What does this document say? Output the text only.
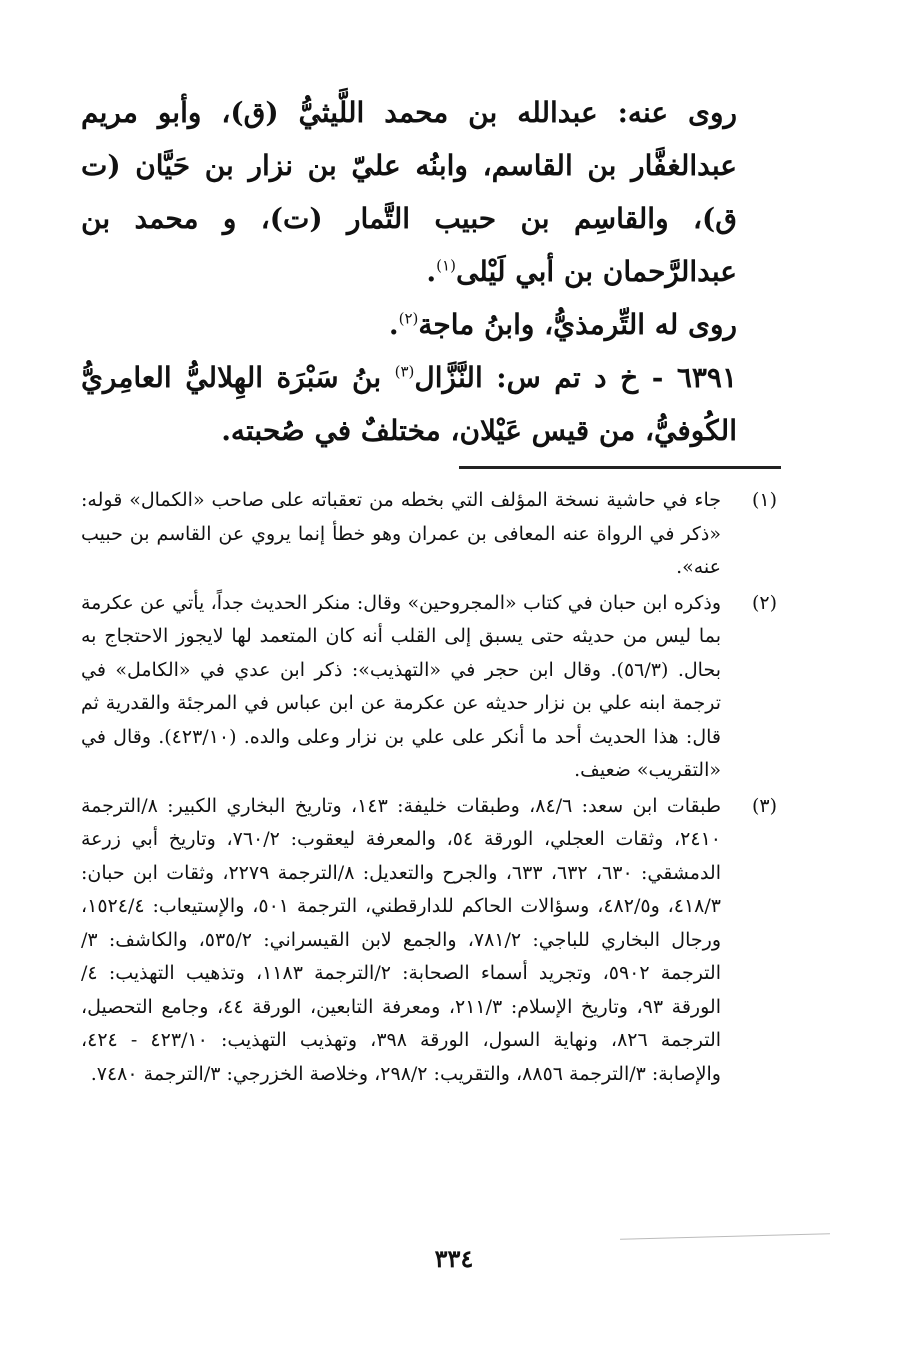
روى عنه: عبدالله بن محمد اللَّيثيُّ (ق)، وأبو مريم عبدالغفَّار بن القاسم، وابنُه عليّ بن نزار بن حَيَّان (ت ق)، والقاسِم بن حبيب التَّمار (ت)، و محمد بن عبدالرَّحمان بن أبي لَيْلى$^{(١)}$.

روى له التِّرمذيُّ، وابنُ ماجة$^{(٢)}$.

٦٣٩١ - خ د تم س: النَّزَّال$^{(٣)}$ بنُ سَبْرَة الهِلاليُّ العامِريُّ الكُوفيُّ، من قيس عَيْلان، مختلفٌ في صُحبته.

(١)
جاء في حاشية نسخة المؤلف التي بخطه من تعقباته على صاحب «الكمال» قوله: «ذكر في الرواة عنه المعافى بن عمران وهو خطأ إنما يروي عن القاسم بن حبيب عنه».
(٢)
وذكره ابن حبان في كتاب «المجروحين» وقال: منكر الحديث جداً، يأتي عن عكرمة بما ليس من حديثه حتى يسبق إلى القلب أنه كان المتعمد لها لايجوز الاحتجاج به بحال. (٥٦/٣). وقال ابن حجر في «التهذيب»: ذكر ابن عدي في «الكامل» في ترجمة ابنه علي بن نزار حديثه عن عكرمة عن ابن عباس في المرجئة والقدرية ثم قال: هذا الحديث أحد ما أنكر على علي بن نزار وعلى والده. (٤٢٣/١٠). وقال في «التقريب» ضعيف.
(٣)
طبقات ابن سعد: ٨٤/٦، وطبقات خليفة: ١٤٣، وتاريخ البخاري الكبير: ٨/الترجمة ٢٤١٠، وثقات العجلي، الورقة ٥٤، والمعرفة ليعقوب: ٧٦٠/٢، وتاريخ أبي زرعة الدمشقي: ٦٣٠، ٦٣٢، ٦٣٣، والجرح والتعديل: ٨/الترجمة ٢٢٧٩، وثقات ابن حبان: ٤١٨/٣، و٤٨٢/٥، وسؤالات الحاكم للدارقطني، الترجمة ٥٠١، والإستيعاب: ١٥٢٤/٤، ورجال البخاري للباجي: ٧٨١/٢، والجمع لابن القيسراني: ٥٣٥/٢، والكاشف: ٣/الترجمة ٥٩٠٢، وتجريد أسماء الصحابة: ٢/الترجمة ١١٨٣، وتذهيب التهذيب: ٤/الورقة ٩٣، وتاريخ الإسلام: ٢١١/٣، ومعرفة التابعين، الورقة ٤٤، وجامع التحصيل، الترجمة ٨٢٦، ونهاية السول، الورقة ٣٩٨، وتهذيب التهذيب: ٤٢٣/١٠ - ٤٢٤، والإصابة: ٣/الترجمة ٨٨٥٦، والتقريب: ٢٩٨/٢، وخلاصة الخزرجي: ٣/الترجمة ٧٤٨٠.
٣٣٤
